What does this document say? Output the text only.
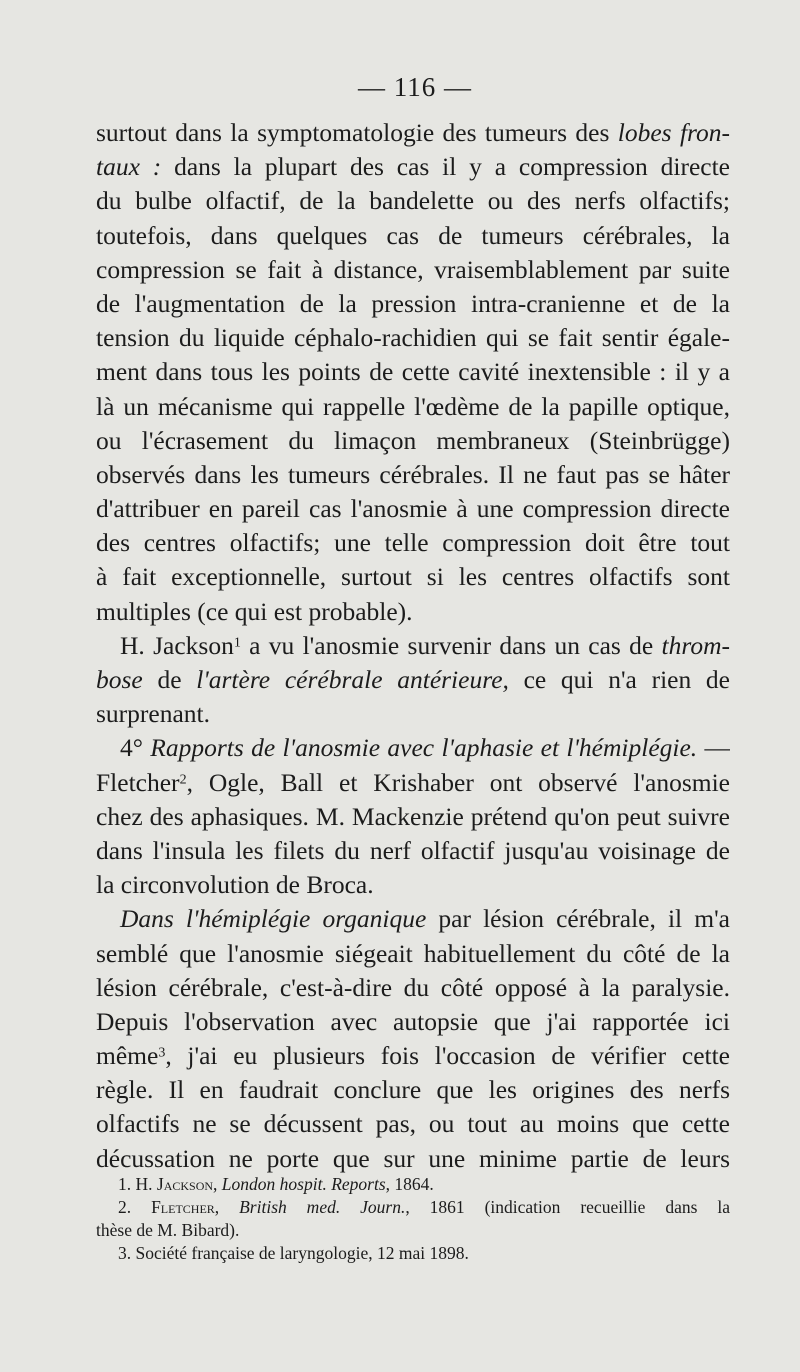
— 116 —
surtout dans la symptomatologie des tumeurs des lobes fron-
taux : dans la plupart des cas il y a compression directe
du bulbe olfactif, de la bandelette ou des nerfs olfactifs;
toutefois, dans quelques cas de tumeurs cérébrales, la
compression se fait à distance, vraisemblablement par suite
de l'augmentation de la pression intra-cranienne et de la
tension du liquide céphalo-rachidien qui se fait sentir égale-
ment dans tous les points de cette cavité inextensible : il y a
là un mécanisme qui rappelle l'œdème de la papille optique,
ou l'écrasement du limaçon membraneux (Steinbrügge)
observés dans les tumeurs cérébrales. Il ne faut pas se hâter
d'attribuer en pareil cas l'anosmie à une compression directe
des centres olfactifs; une telle compression doit être tout
à fait exceptionnelle, surtout si les centres olfactifs sont
multiples (ce qui est probable).
H. Jackson$^1$ a vu l'anosmie survenir dans un cas de throm-
bose de l'artère cérébrale antérieure, ce qui n'a rien de
surprenant.
4° Rapports de l'anosmie avec l'aphasie et l'hémiplégie. —
Fletcher$^2$, Ogle, Ball et Krishaber ont observé l'anosmie
chez des aphasiques. M. Mackenzie prétend qu'on peut suivre
dans l'insula les filets du nerf olfactif jusqu'au voisinage de
la circonvolution de Broca.
Dans l'hémiplégie organique par lésion cérébrale, il m'a
semblé que l'anosmie siégeait habituellement du côté de la
lésion cérébrale, c'est-à-dire du côté opposé à la paralysie.
Depuis l'observation avec autopsie que j'ai rapportée ici
même$^3$, j'ai eu plusieurs fois l'occasion de vérifier cette
règle. Il en faudrait conclure que les origines des nerfs
olfactifs ne se décussent pas, ou tout au moins que cette
décussation ne porte que sur une minime partie de leurs
1. H. Jackson, London hospit. Reports, 1864.
2. Fletcher, British med. Journ., 1861 (indication recueillie dans la
thèse de M. Bibard).
3. Société française de laryngologie, 12 mai 1898.
